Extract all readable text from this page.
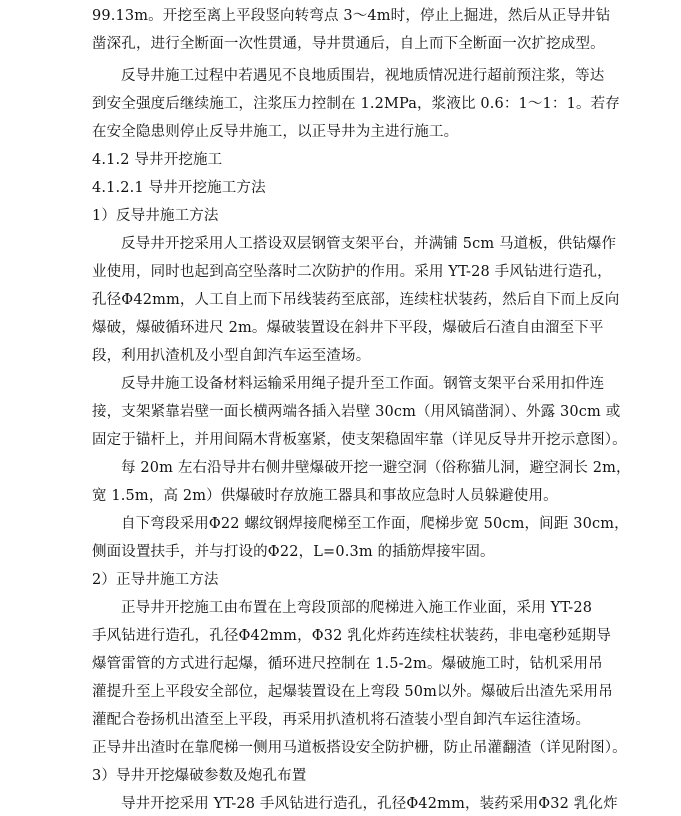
99.13m。开挖至离上平段竖向转弯点 3～4m时，停止上掘进，然后从正导井钻
凿深孔，进行全断面一次性贯通，导井贯通后，自上而下全断面一次扩挖成型。
反导井施工过程中若遇见不良地质围岩，视地质情况进行超前预注浆，等达
到安全强度后继续施工，注浆压力控制在 1.2MPa，浆液比 0.6：1～1：1。若存
在安全隐患则停止反导井施工，以正导井为主进行施工。
4.1.2 导井开挖施工
4.1.2.1 导井开挖施工方法
1）反导井施工方法
反导井开挖采用人工搭设双层钢管支架平台，并满铺 5cm 马道板，供钻爆作
业使用，同时也起到高空坠落时二次防护的作用。采用 YT-28 手风钻进行造孔，
孔径Φ42mm，人工自上而下吊线装药至底部，连续柱状装药，然后自下而上反向
爆破，爆破循环进尺 2m。爆破装置设在斜井下平段，爆破后石渣自由溜至下平
段，利用扒渣机及小型自卸汽车运至渣场。
反导井施工设备材料运输采用绳子提升至工作面。钢管支架平台采用扣件连
接，支架紧靠岩壁一面长横两端各插入岩壁 30cm（用风镐凿洞）、外露 30cm 或
固定于锚杆上，并用间隔木背板塞紧，使支架稳固牢靠（详见反导井开挖示意图）。
每 20m 左右沿导井右侧井壁爆破开挖一避空洞（俗称猫儿洞，避空洞长 2m，
宽 1.5m，高 2m）供爆破时存放施工器具和事故应急时人员躲避使用。
自下弯段采用Φ22 螺纹钢焊接爬梯至工作面，爬梯步宽 50cm，间距 30cm，
侧面设置扶手，并与打设的Φ22，L=0.3m 的插筋焊接牢固。
2）正导井施工方法
正导井开挖施工由布置在上弯段顶部的爬梯进入施工作业面，采用 YT-28
手风钻进行造孔，孔径Φ42mm，Φ32 乳化炸药连续柱状装药，非电毫秒延期导
爆管雷管的方式进行起爆，循环进尺控制在 1.5-2m。爆破施工时，钻机采用吊
灌提升至上平段安全部位，起爆装置设在上弯段 50m以外。爆破后出渣先采用吊
灌配合卷扬机出渣至上平段，再采用扒渣机将石渣装小型自卸汽车运往渣场。
正导井出渣时在靠爬梯一侧用马道板搭设安全防护栅，防止吊灌翻渣（详见附图）。
3）导井开挖爆破参数及炮孔布置
导井开挖采用 YT-28 手风钻进行造孔，孔径Φ42mm，装药采用Φ32 乳化炸
